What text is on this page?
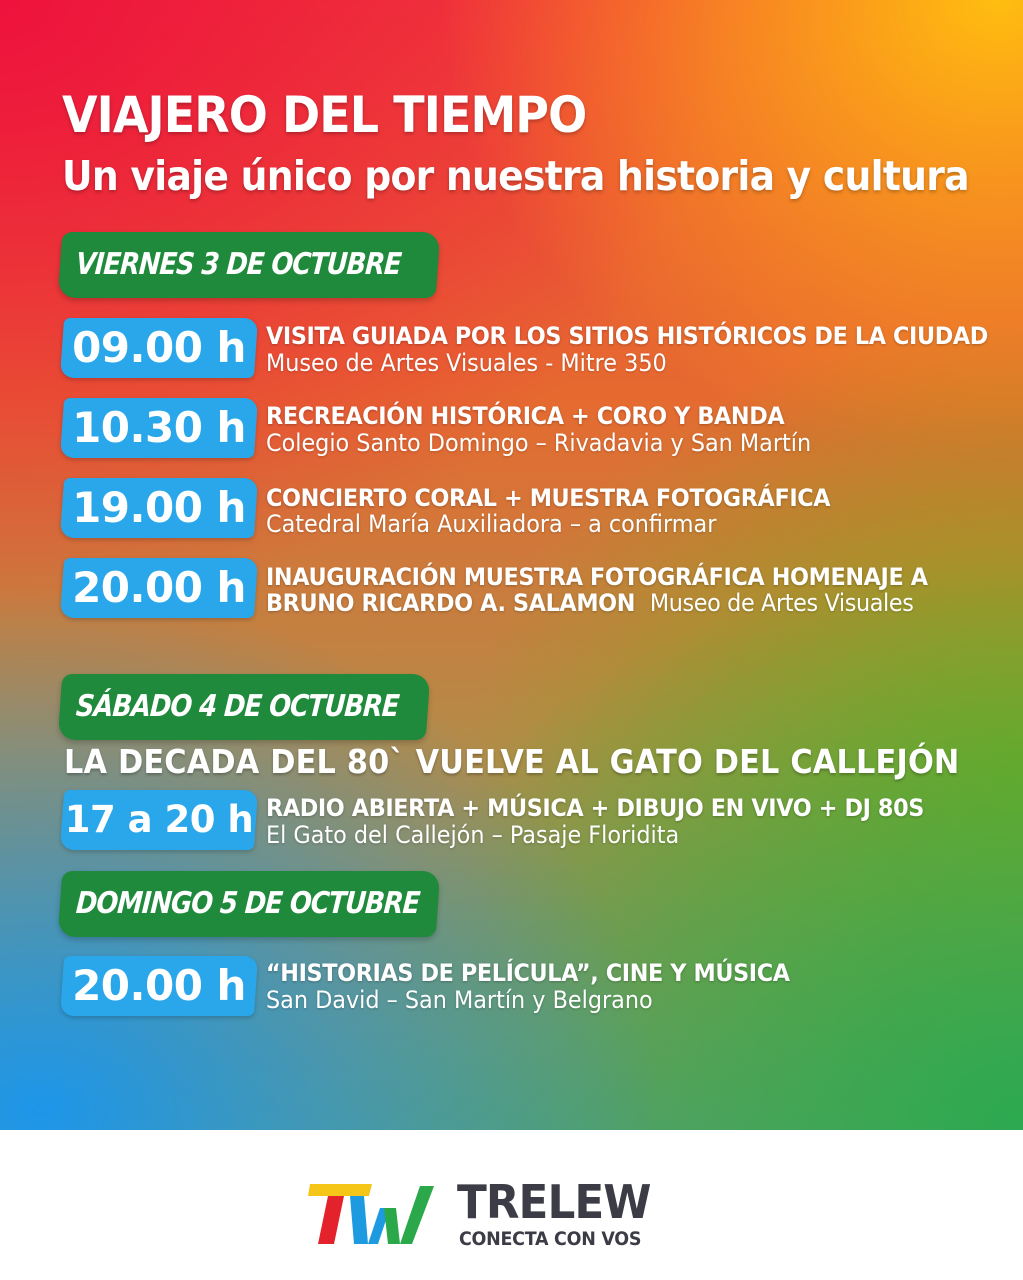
VIAJERO DEL TIEMPO
Un viaje único por nuestra historia y cultura
VIERNES 3 DE OCTUBRE
09.00 h VISITA GUIADA POR LOS SITIOS HISTÓRICOS DE LA CIUDAD
Museo de Artes Visuales - Mitre 350
10.30 h RECREACIÓN HISTÓRICA + CORO Y BANDA
Colegio Santo Domingo – Rivadavia y San Martín
19.00 h CONCIERTO CORAL + MUESTRA FOTOGRÁFICA
Catedral María Auxiliadora – a confirmar
20.00 h INAUGURACIÓN MUESTRA FOTOGRÁFICA HOMENAJE A
BRUNO RICARDO A. SALAMON Museo de Artes Visuales
SÁBADO 4 DE OCTUBRE
LA DECADA DEL 80` VUELVE AL GATO DEL CALLEJÓN
17 a 20 h RADIO ABIERTA + MÚSICA + DIBUJO EN VIVO + DJ 80S
El Gato del Callejón – Pasaje Floridita
DOMINGO 5 DE OCTUBRE
20.00 h “HISTORIAS DE PELÍCULA”, CINE Y MÚSICA
San David – San Martín y Belgrano
TRELEW
CONECTA CON VOS
